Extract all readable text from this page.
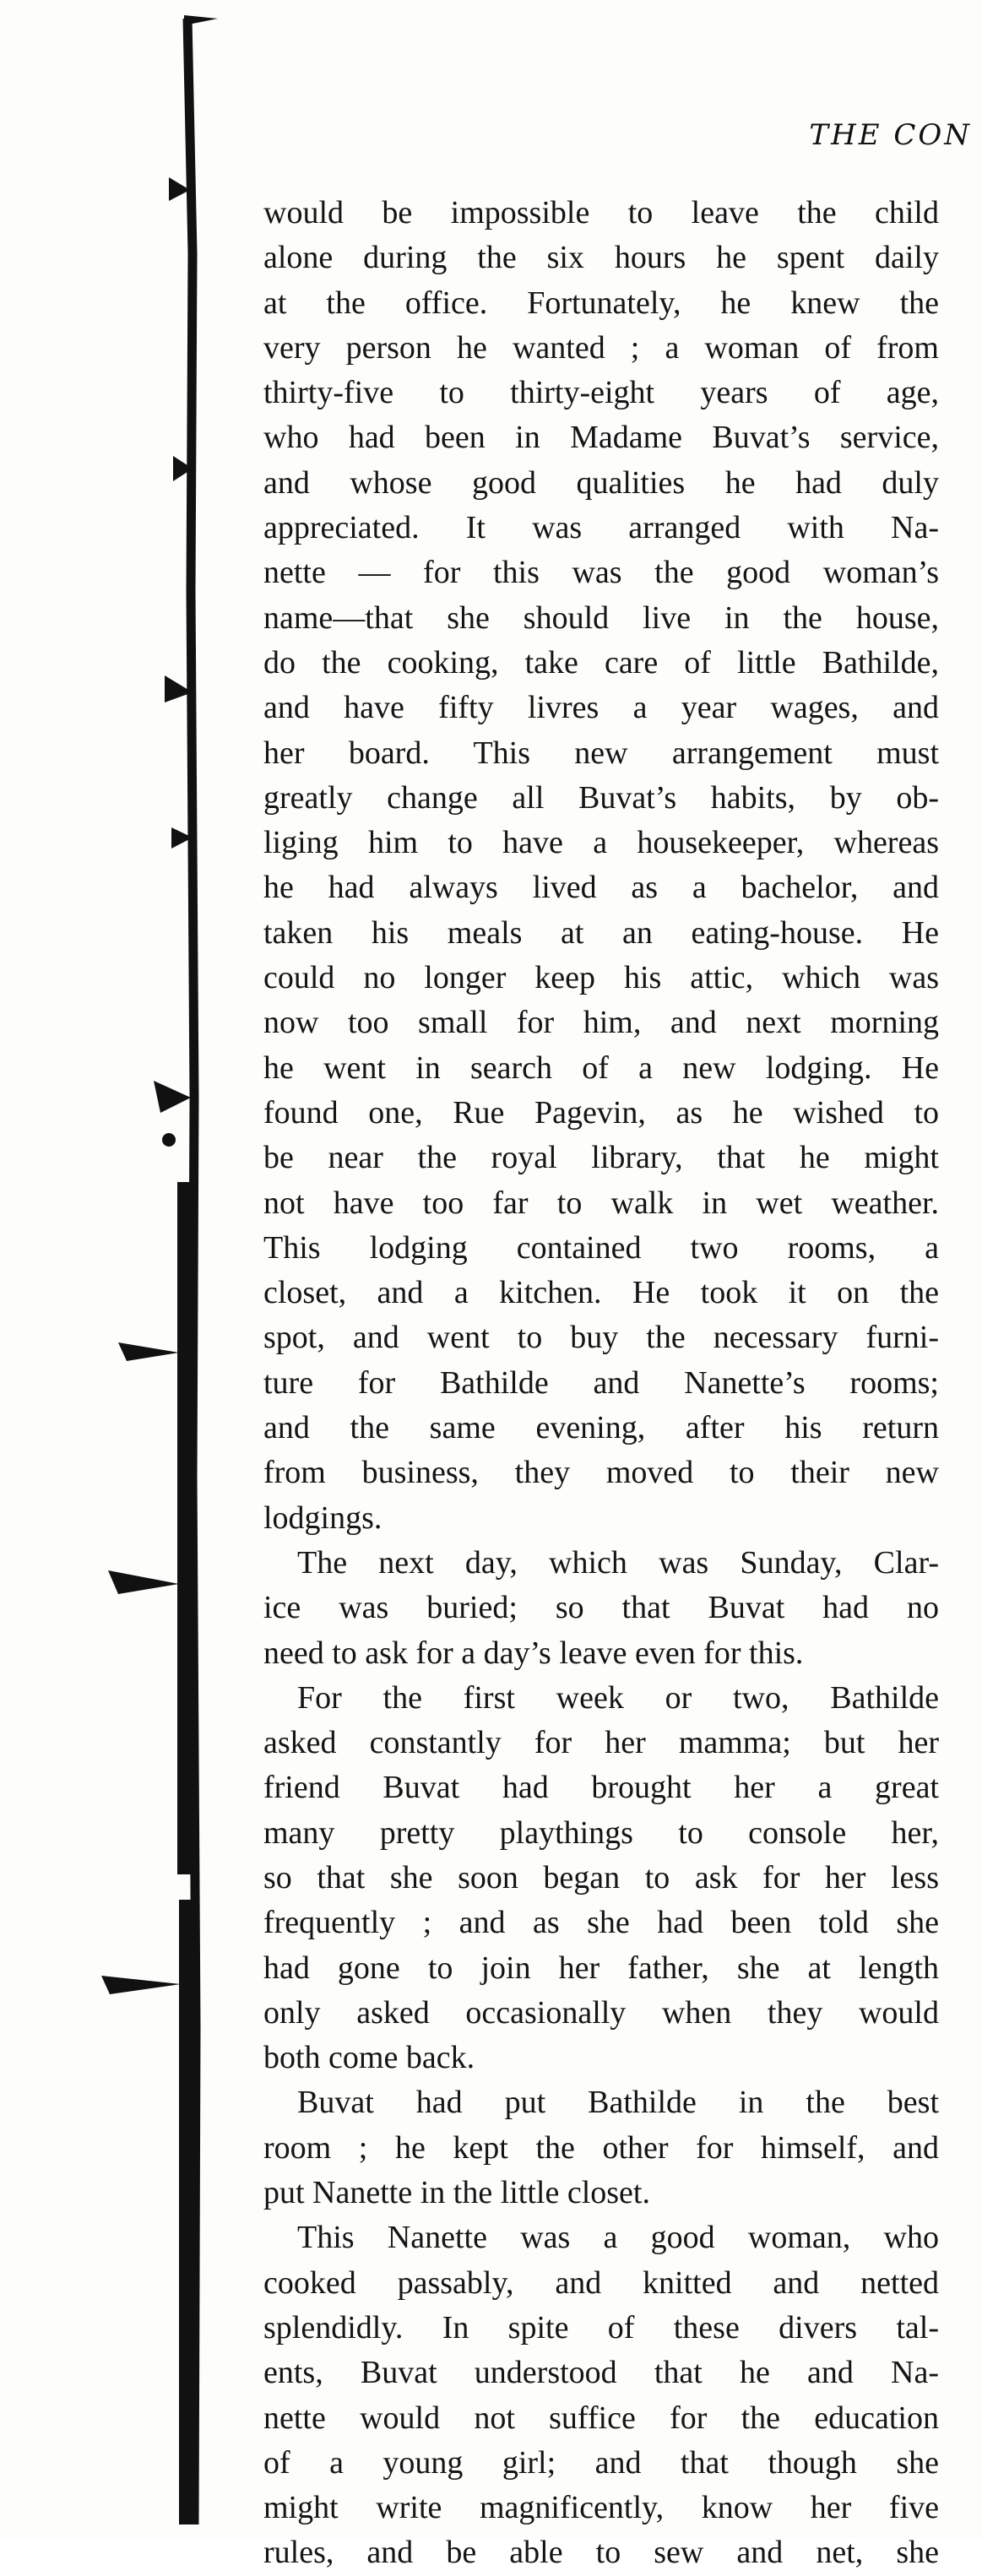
THE CON
would be impossible to leave the child
alone during the six hours he spent daily
at the office. Fortunately, he knew the
very person he wanted ; a woman of from
thirty-five to thirty-eight years of age,
who had been in Madame Buvat’s service,
and whose good qualities he had duly
appreciated. It was arranged with Na-
nette — for this was the good woman’s
name—that she should live in the house,
do the cooking, take care of little Bathilde,
and have fifty livres a year wages, and
her board. This new arrangement must
greatly change all Buvat’s habits, by ob-
liging him to have a housekeeper, whereas
he had always lived as a bachelor, and
taken his meals at an eating-house. He
could no longer keep his attic, which was
now too small for him, and next morning
he went in search of a new lodging. He
found one, Rue Pagevin, as he wished to
be near the royal library, that he might
not have too far to walk in wet weather.
This lodging contained two rooms, a
closet, and a kitchen. He took it on the
spot, and went to buy the necessary furni-
ture for Bathilde and Nanette’s rooms;
and the same evening, after his return
from business, they moved to their new
lodgings.
The next day, which was Sunday, Clar-
ice was buried; so that Buvat had no
need to ask for a day’s leave even for this.
For the first week or two, Bathilde
asked constantly for her mamma; but her
friend Buvat had brought her a great
many pretty playthings to console her,
so that she soon began to ask for her less
frequently ; and as she had been told she
had gone to join her father, she at length
only asked occasionally when they would
both come back.
Buvat had put Bathilde in the best
room ; he kept the other for himself, and
put Nanette in the little closet.
This Nanette was a good woman, who
cooked passably, and knitted and netted
splendidly. In spite of these divers tal-
ents, Buvat understood that he and Na-
nette would not suffice for the education
of a young girl; and that though she
might write magnificently, know her five
rules, and be able to sew and net, she
